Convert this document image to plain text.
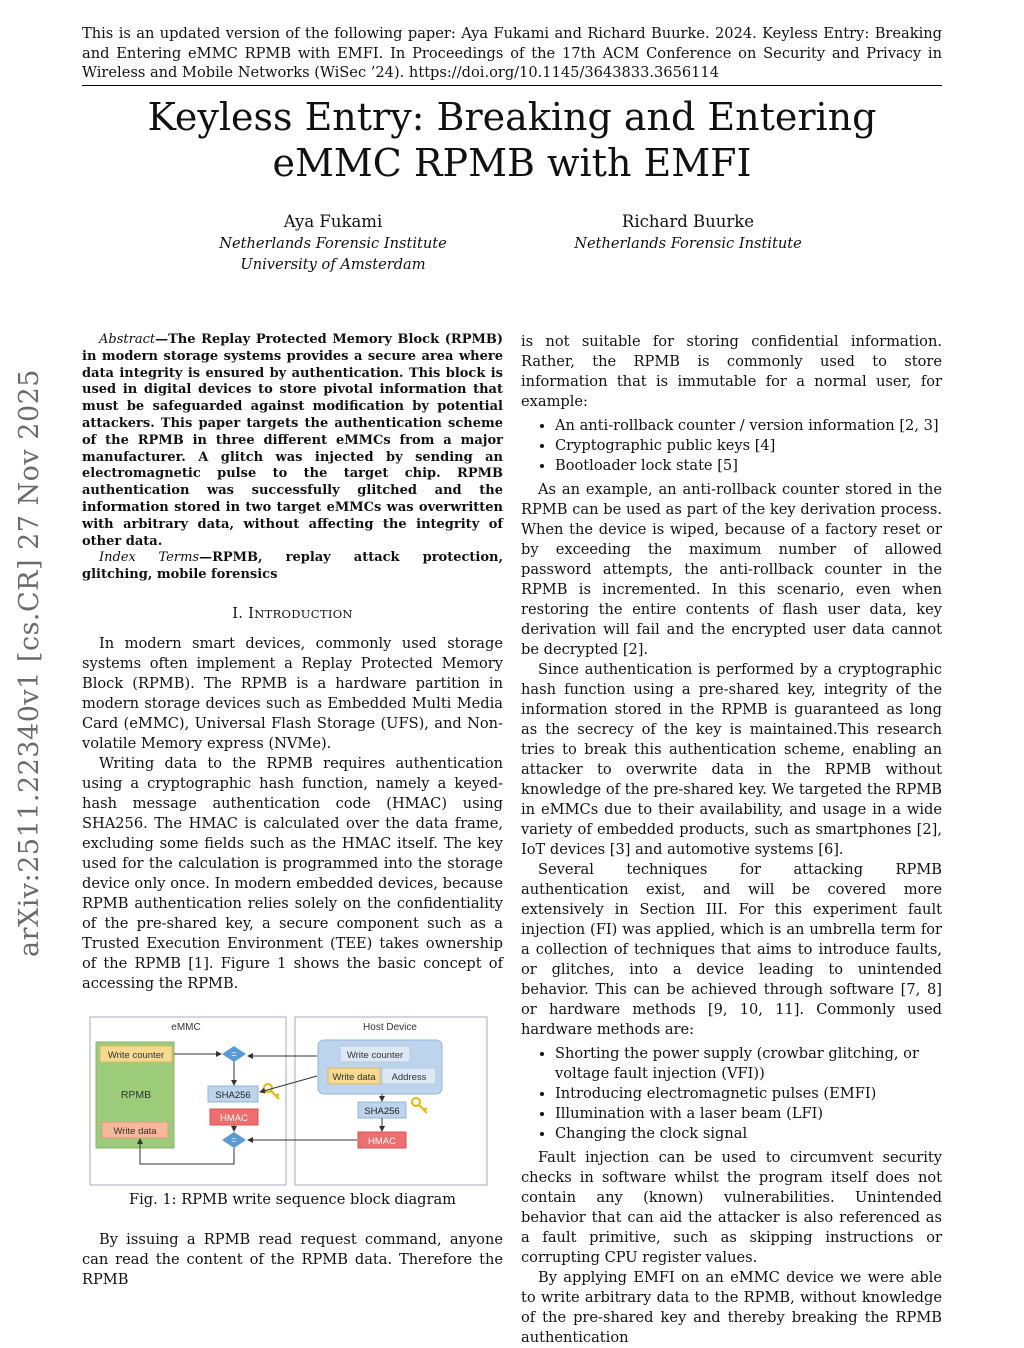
This is an updated version of the following paper: Aya Fukami and Richard Buurke. 2024. Keyless Entry: Breaking and Entering eMMC RPMB with EMFI. In Proceedings of the 17th ACM Conference on Security and Privacy in Wireless and Mobile Networks (WiSec ’24). https://doi.org/10.1145/3643833.3656114

Keyless Entry: Breaking and Entering
eMMC RPMB with EMFI
Aya Fukami
Netherlands Forensic Institute
University of Amsterdam
Richard Buurke
Netherlands Forensic Institute
arXiv:2511.22340v1 [cs.CR] 27 Nov 2025

Abstract—The Replay Protected Memory Block (RPMB) in modern storage systems provides a secure area where data integrity is ensured by authentication. This block is used in digital devices to store pivotal information that must be safeguarded against modification by potential attackers. This paper targets the authentication scheme of the RPMB in three different eMMCs from a major manufacturer. A glitch was injected by sending an electromagnetic pulse to the target chip. RPMB authentication was successfully glitched and the information stored in two target eMMCs was overwritten with arbitrary data, without affecting the integrity of other data.

Index Terms—RPMB, replay attack protection, glitching, mobile forensics

I. INTRODUCTION

In modern smart devices, commonly used storage systems often implement a Replay Protected Memory Block (RPMB). The RPMB is a hardware partition in modern storage devices such as Embedded Multi Media Card (eMMC), Universal Flash Storage (UFS), and Non-volatile Memory express (NVMe).

Writing data to the RPMB requires authentication using a cryptographic hash function, namely a keyed-hash message authentication code (HMAC) using SHA256. The HMAC is calculated over the data frame, excluding some fields such as the HMAC itself. The key used for the calculation is programmed into the storage device only once. In modern embedded devices, because RPMB authentication relies solely on the confidentiality of the pre-shared key, a secure component such as a Trusted Execution Environment (TEE) takes ownership of the RPMB [1]. Figure 1 shows the basic concept of accessing the RPMB.

eMMC	Host Device
Write counter
RPMB
Write data
=
=
SHA256
HMAC
Write counter
Write data Address
SHA256
HMAC
Fig. 1: RPMB write sequence block diagram

By issuing a RPMB read request command, anyone can read the content of the RPMB data. Therefore the RPMB

is not suitable for storing confidential information. Rather, the RPMB is commonly used to store information that is immutable for a normal user, for example:

• An anti-rollback counter / version information [2, 3]
• Cryptographic public keys [4]
• Bootloader lock state [5]

As an example, an anti-rollback counter stored in the RPMB can be used as part of the key derivation process. When the device is wiped, because of a factory reset or by exceeding the maximum number of allowed password attempts, the anti-rollback counter in the RPMB is incremented. In this scenario, even when restoring the entire contents of flash user data, key derivation will fail and the encrypted user data cannot be decrypted [2].

Since authentication is performed by a cryptographic hash function using a pre-shared key, integrity of the information stored in the RPMB is guaranteed as long as the secrecy of the key is maintained.This research tries to break this authentication scheme, enabling an attacker to overwrite data in the RPMB without knowledge of the pre-shared key. We targeted the RPMB in eMMCs due to their availability, and usage in a wide variety of embedded products, such as smartphones [2], IoT devices [3] and automotive systems [6].

Several techniques for attacking RPMB authentication exist, and will be covered more extensively in Section III. For this experiment fault injection (FI) was applied, which is an umbrella term for a collection of techniques that aims to introduce faults, or glitches, into a device leading to unintended behavior. This can be achieved through software [7, 8] or hardware methods [9, 10, 11]. Commonly used hardware methods are:

• Shorting the power supply (crowbar glitching, or voltage fault injection (VFI))
• Introducing electromagnetic pulses (EMFI)
• Illumination with a laser beam (LFI)
• Changing the clock signal

Fault injection can be used to circumvent security checks in software whilst the program itself does not contain any (known) vulnerabilities. Unintended behavior that can aid the attacker is also referenced as a fault primitive, such as skipping instructions or corrupting CPU register values.

By applying EMFI on an eMMC device we were able to write arbitrary data to the RPMB, without knowledge of the pre-shared key and thereby breaking the RPMB authentication
